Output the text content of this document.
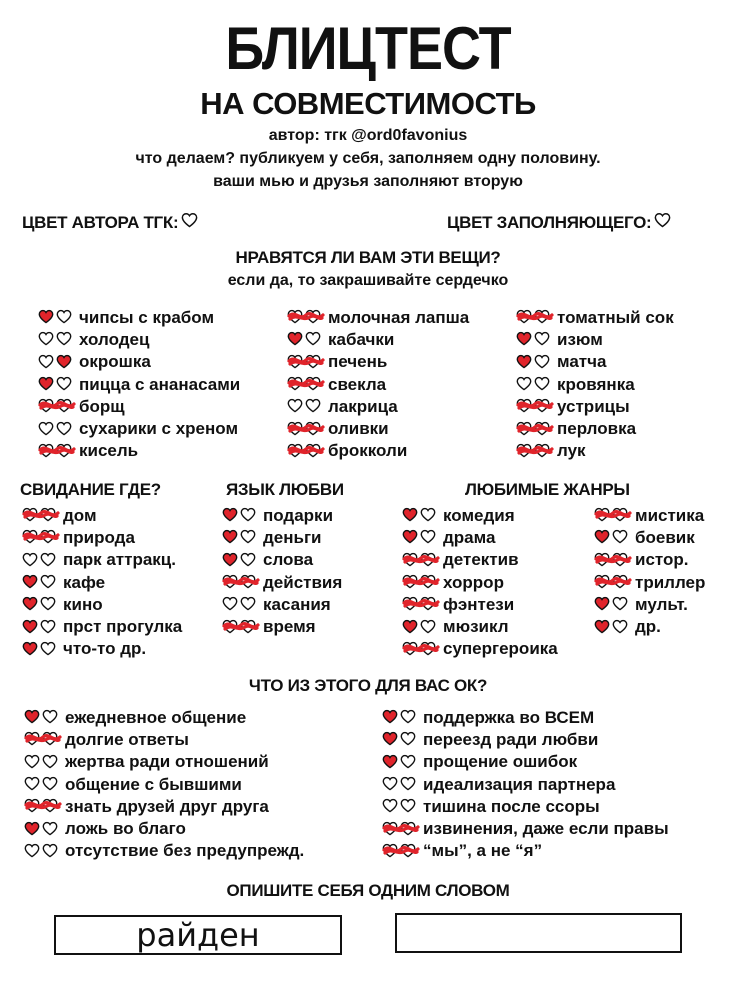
БЛИЦТЕСТ
НА СОВМЕСТИМОСТЬ
автор: тгк @ord0favonius
что делаем? публикуем у себя, заполняем одну половину.
ваши мью и друзья заполняют вторую
ЦВЕТ АВТОРА ТГК:	ЦВЕТ ЗАПОЛНЯЮЩЕГО:
НРАВЯТСЯ ЛИ ВАМ ЭТИ ВЕЩИ?
если да, то закрашивайте сердечко
чипсы с крабом
холодец
окрошка
пицца с ананасами
борщ
сухарики с хреном
кисель
молочная лапша
кабачки
печень
свекла
лакрица
оливки
брокколи
томатный сок
изюм
матча
кровянка
устрицы
перловка
лук
СВИДАНИЕ ГДЕ?	ЯЗЫК ЛЮБВИ	ЛЮБИМЫЕ ЖАНРЫ
дом
природа
парк аттракц.
кафе
кино
прст прогулка
что-то др.
подарки
деньги
слова
действия
касания
время
комедия
драма
детектив
хоррор
фэнтези
мюзикл
супергероика
мистика
боевик
истор.
триллер
мульт.
др.
ЧТО ИЗ ЭТОГО ДЛЯ ВАС ОК?
ежедневное общение
долгие ответы
жертва ради отношений
общение с бывшими
знать друзей друг друга
ложь во благо
отсутствие без предупрежд.
поддержка во ВСЕМ
переезд ради любви
прощение ошибок
идеализация партнера
тишина после ссоры
извинения, даже если правы
“мы”, а не “я”
ОПИШИТЕ СЕБЯ ОДНИМ СЛОВОМ
райден
